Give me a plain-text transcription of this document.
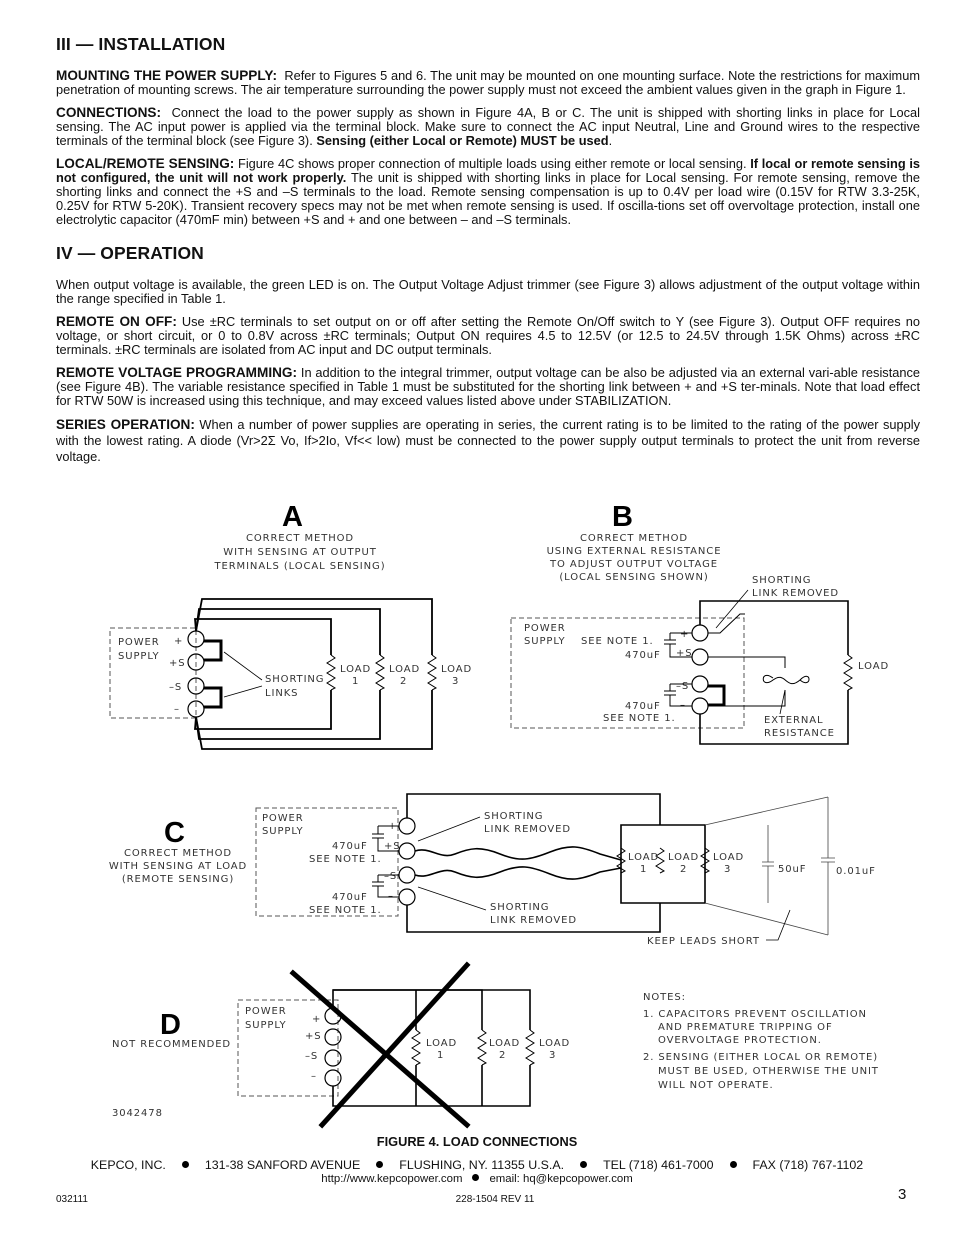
III — INSTALLATION

MOUNTING THE POWER SUPPLY: Refer to Figures 5 and 6. The unit may be mounted on one mounting surface. Note the restrictions for maximum penetration of mounting screws. The air temperature surrounding the power supply must not exceed the ambient values given in the graph in Figure 1.

CONNECTIONS: Connect the load to the power supply as shown in Figure 4A, B or C. The unit is shipped with shorting links in place for Local sensing. The AC input power is applied via the terminal block. Make sure to connect the AC input Neutral, Line and Ground wires to the respective terminals of the terminal block (see Figure 3). Sensing (either Local or Remote) MUST be used.

LOCAL/REMOTE SENSING: Figure 4C shows proper connection of multiple loads using either remote or local sensing. If local or remote sensing is not configured, the unit will not work properly. The unit is shipped with shorting links in place for Local sensing. For remote sensing, remove the shorting links and connect the +S and –S terminals to the load. Remote sensing compensation is up to 0.4V per load wire (0.15V for RTW 3.3-25K, 0.25V for RTW 5-20K). Transient recovery specs may not be met when remote sensing is used. If oscilla-tions set off overvoltage protection, install one electrolytic capacitor (470mF min) between +S and + and one between – and –S terminals.

IV — OPERATION

When output voltage is available, the green LED is on. The Output Voltage Adjust trimmer (see Figure 3) allows adjustment of the output voltage within the range specified in Table 1.

REMOTE ON OFF: Use ±RC terminals to set output on or off after setting the Remote On/Off switch to Y (see Figure 3). Output OFF requires no voltage, or short circuit, or 0 to 0.8V across ±RC terminals; Output ON requires 4.5 to 12.5V (or 12.5 to 24.5V through 1.5K Ohms) across ±RC terminals. ±RC terminals are isolated from AC input and DC output terminals.

REMOTE VOLTAGE PROGRAMMING: In addition to the integral trimmer, output voltage can be also be adjusted via an external vari-able resistance (see Figure 4B). The variable resistance specified in Table 1 must be substituted for the shorting link between + and +S ter-minals. Note that load effect for RTW 50W is increased using this technique, and may exceed values listed above under STABILIZATION.

SERIES OPERATION: When a number of power supplies are operating in series, the current rating is to be limited to the rating of the power supply with the lowest rating. A diode (Vr>2Σ Vo, If>2Io, Vf<< low) must be connected to the power supply output terminals to protect the unit from reverse voltage.

A
CORRECT METHOD
WITH SENSING AT OUTPUT
TERMINALS (LOCAL SENSING)
POWER
SUPPLY
+
+S
–S
–
LOAD
1
LOAD
2
LOAD
3
SHORTING
LINKS
B
CORRECT METHOD
USING EXTERNAL RESISTANCE
TO ADJUST OUTPUT VOLTAGE
(LOCAL SENSING SHOWN)
POWER
SUPPLY SEE NOTE 1.
470uF
470uF
SEE NOTE 1.
+
+S
–S
–
LOAD
SHORTING
LINK REMOVED
EXTERNAL
RESISTANCE
C
CORRECT METHOD
WITH SENSING AT LOAD
(REMOTE SENSING)
POWER
SUPPLY
470uF
SEE NOTE 1.
470uF
SEE NOTE 1.
+
+S
–S
–
LOAD
1
LOAD
2
LOAD
3	50uF	0.01uF
SHORTING
LINK REMOVED
SHORTING
LINK REMOVED
KEEP LEADS SHORT
D
NOT RECOMMENDED
POWER
SUPPLY
+
+S
–S
–
LOAD
1
LOAD
2
LOAD
3
3042478
NOTES:
1. CAPACITORS PREVENT OSCILLATION
AND PREMATURE TRIPPING OF
OVERVOLTAGE PROTECTION.
2. SENSING (EITHER LOCAL OR REMOTE)
MUST BE USED, OTHERWISE THE UNIT
WILL NOT OPERATE.
FIGURE 4. LOAD CONNECTIONS
KEPCO, INC.	131-38 SANFORD AVENUE	FLUSHING, NY. 11355 U.S.A.	TEL (718) 461-7000	FAX (718) 767-1102
http://www.kepcopower.com email: hq@kepcopower.com
032111	228-1504 REV 11	3
